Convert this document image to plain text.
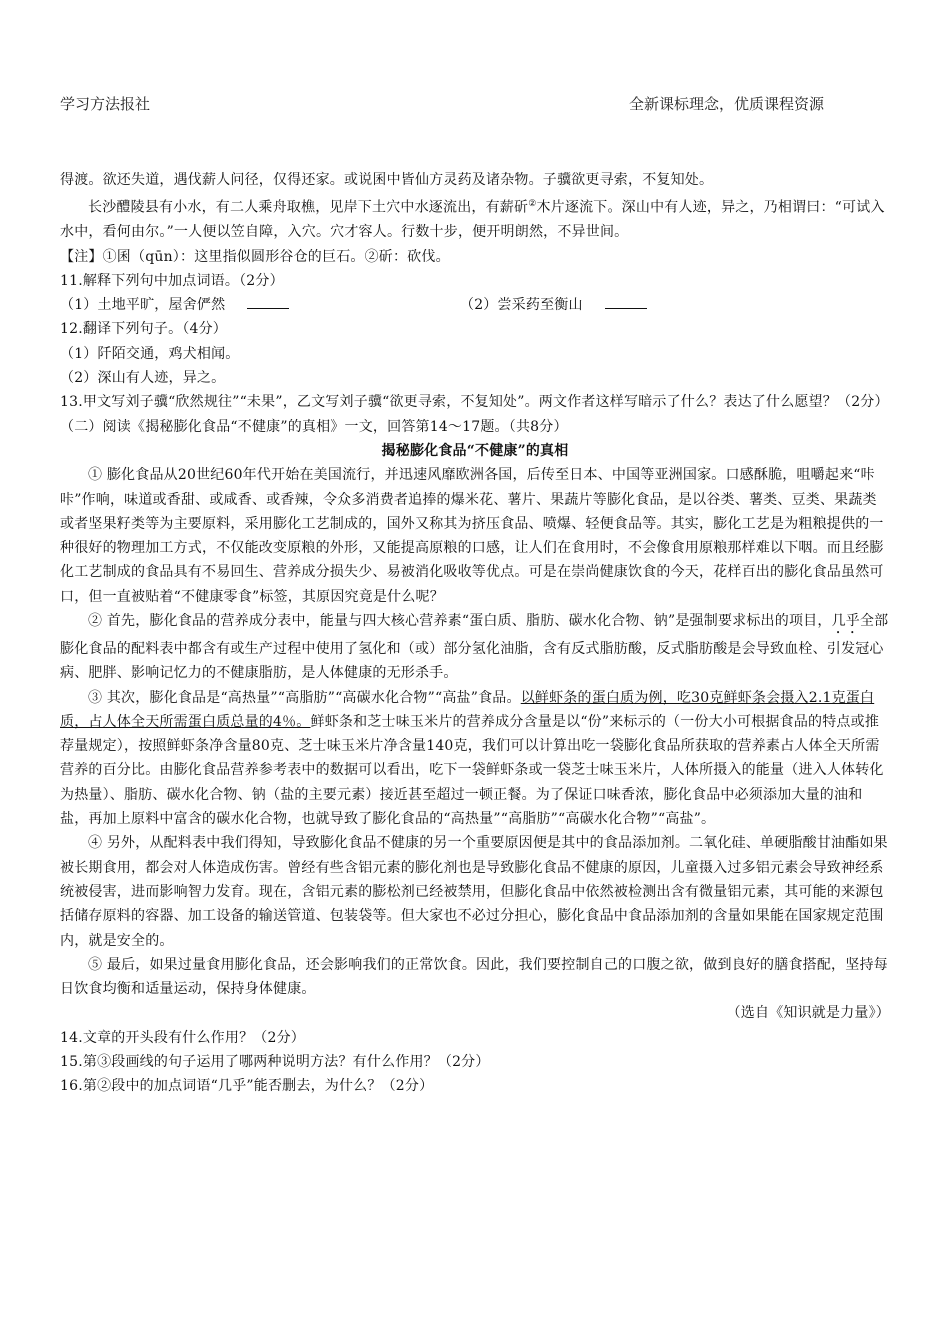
学习方法报社	全新课标理念，优质课程资源

得渡。欲还失道，遇伐薪人问径，仅得还家。或说囷中皆仙方灵药及诸杂物。子骥欲更寻索，不复知处。

长沙醴陵县有小水，有二人乘舟取樵，见岸下土穴中水逐流出，有薪斫②木片逐流下。深山中有人迹，异之，乃相谓曰：“可试入水中，看何由尔。”一人便以笠自障，入穴。穴才容人。行数十步，便开明朗然，不异世间。

【注】①囷（qūn）：这里指似圆形谷仓的巨石。②斫：砍伐。

11.解释下列句中加点词语。（2分）

（1）土地平旷，屋舍俨然	（2）尝采药至衡山

12.翻译下列句子。（4分）

（1）阡陌交通，鸡犬相闻。

（2）深山有人迹，异之。

13.甲文写刘子骥“欣然规往”“未果”，乙文写刘子骥“欲更寻索，不复知处”。两文作者这样写暗示了什么？表达了什么愿望？（2分）

（二）阅读《揭秘膨化食品“不健康”的真相》一文，回答第14～17题。（共8分）

揭秘膨化食品“不健康”的真相

① 膨化食品从20世纪60年代开始在美国流行，并迅速风靡欧洲各国，后传至日本、中国等亚洲国家。口感酥脆，咀嚼起来“咔咔”作响，味道或香甜、或咸香、或香辣，令众多消费者追捧的爆米花、薯片、果蔬片等膨化食品，是以谷类、薯类、豆类、果蔬类或者坚果籽类等为主要原料，采用膨化工艺制成的，国外又称其为挤压食品、喷爆、轻便食品等。其实，膨化工艺是为粗粮提供的一种很好的物理加工方式，不仅能改变原粮的外形，又能提高原粮的口感，让人们在食用时，不会像食用原粮那样难以下咽。而且经膨化工艺制成的食品具有不易回生、营养成分损失少、易被消化吸收等优点。可是在崇尚健康饮食的今天，花样百出的膨化食品虽然可口，但一直被贴着“不健康零食”标签，其原因究竟是什么呢？

② 首先，膨化食品的营养成分表中，能量与四大核心营养素“蛋白质、脂肪、碳水化合物、钠”是强制要求标出的项目，几乎全部膨化食品的配料表中都含有或生产过程中使用了氢化和（或）部分氢化油脂，含有反式脂肪酸，反式脂肪酸是会导致血栓、引发冠心病、肥胖、影响记忆力的不健康脂肪，是人体健康的无形杀手。

③ 其次，膨化食品是“高热量”“高脂肪”“高碳水化合物”“高盐”食品。以鲜虾条的蛋白质为例，吃30克鲜虾条会摄入2.1克蛋白质，占人体全天所需蛋白质总量的4％。鲜虾条和芝士味玉米片的营养成分含量是以“份”来标示的（一份大小可根据食品的特点或推荐量规定），按照鲜虾条净含量80克、芝士味玉米片净含量140克，我们可以计算出吃一袋膨化食品所获取的营养素占人体全天所需营养的百分比。由膨化食品营养参考表中的数据可以看出，吃下一袋鲜虾条或一袋芝士味玉米片，人体所摄入的能量（进入人体转化为热量）、脂肪、碳水化合物、钠（盐的主要元素）接近甚至超过一顿正餐。为了保证口味香浓，膨化食品中必须添加大量的油和盐，再加上原料中富含的碳水化合物，也就导致了膨化食品的“高热量”“高脂肪”“高碳水化合物”“高盐”。

④ 另外，从配料表中我们得知，导致膨化食品不健康的另一个重要原因便是其中的食品添加剂。二氧化硅、单硬脂酸甘油酯如果被长期食用，都会对人体造成伤害。曾经有些含铝元素的膨化剂也是导致膨化食品不健康的原因，儿童摄入过多铝元素会导致神经系统被侵害，进而影响智力发育。现在，含铝元素的膨松剂已经被禁用，但膨化食品中依然被检测出含有微量铝元素，其可能的来源包括储存原料的容器、加工设备的输送管道、包装袋等。但大家也不必过分担心，膨化食品中食品添加剂的含量如果能在国家规定范围内，就是安全的。

⑤ 最后，如果过量食用膨化食品，还会影响我们的正常饮食。因此，我们要控制自己的口腹之欲，做到良好的膳食搭配，坚持每日饮食均衡和适量运动，保持身体健康。

（选自《知识就是力量》）

14.文章的开头段有什么作用？（2分）

15.第③段画线的句子运用了哪两种说明方法？有什么作用？（2分）

16.第②段中的加点词语“几乎”能否删去，为什么？（2分）
